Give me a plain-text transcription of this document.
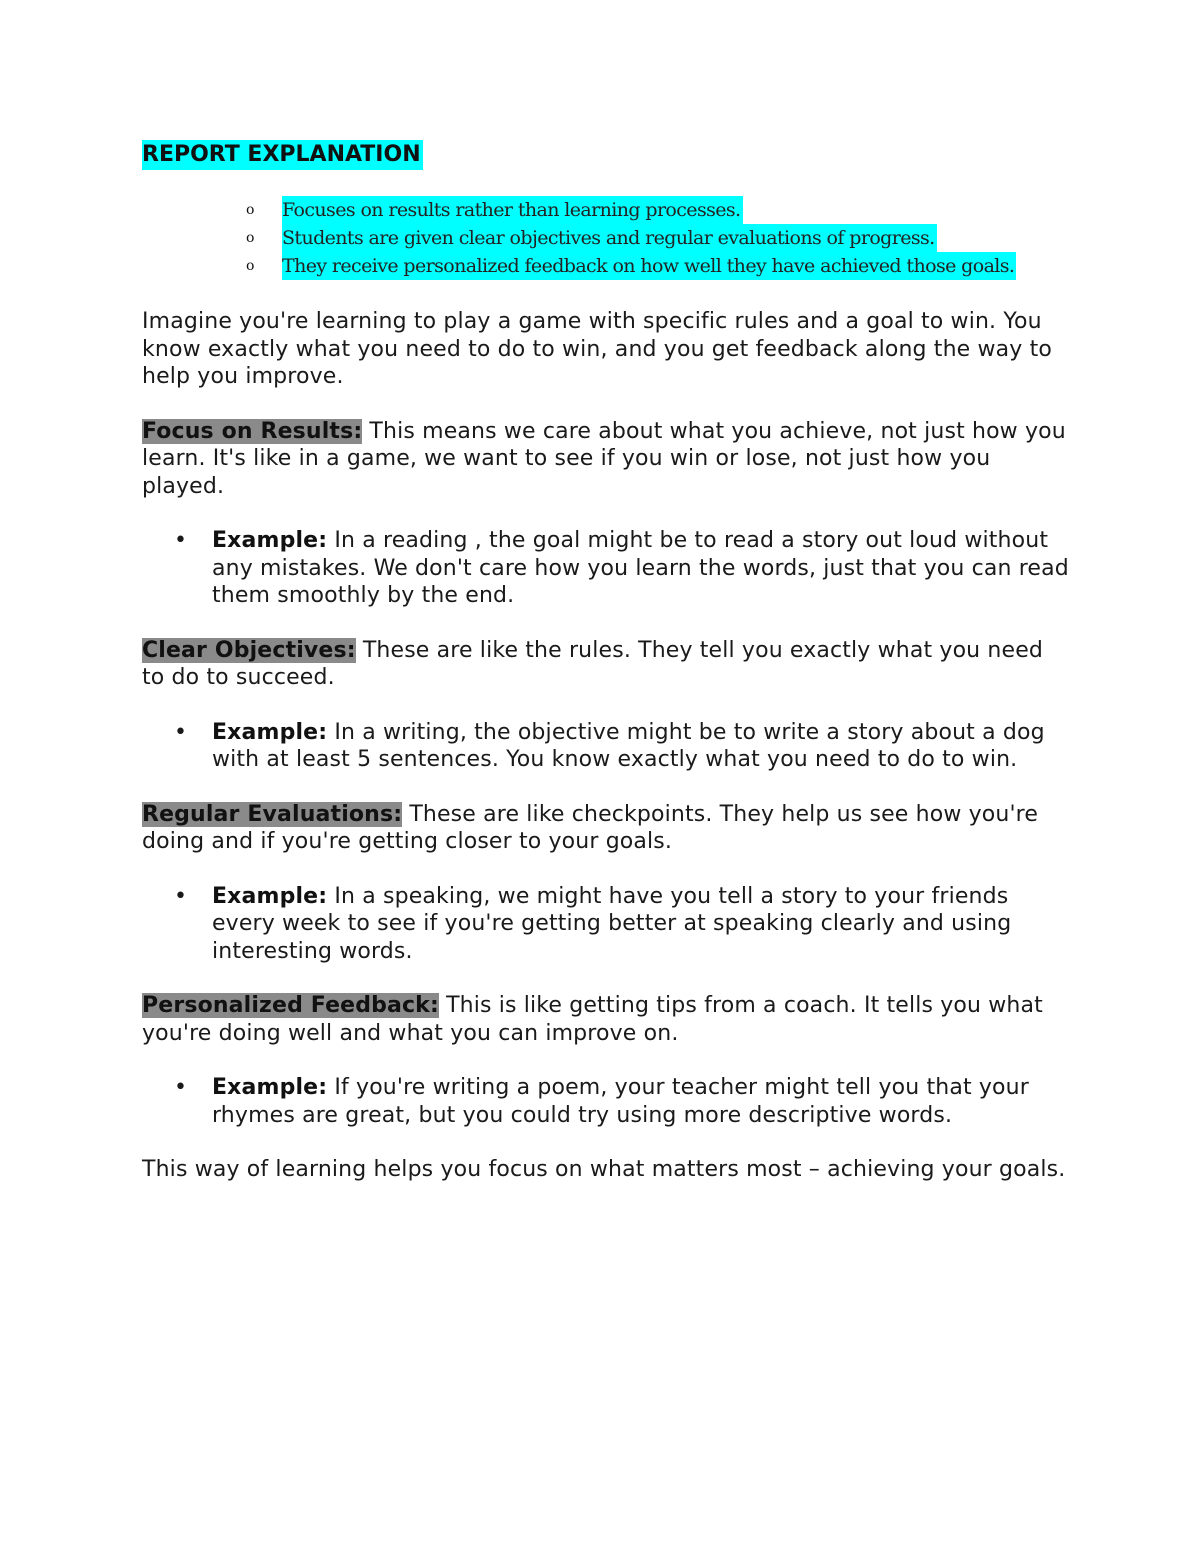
REPORT EXPLANATION
o	Focuses on results rather than learning processes.
o	Students are given clear objectives and regular evaluations of progress.
o	They receive personalized feedback on how well they have achieved those goals.

Imagine you're learning to play a game with specific rules and a goal to win. You know exactly what you need to do to win, and you get feedback along the way to help you improve.

Focus on Results: This means we care about what you achieve, not just how you learn. It's like in a game, we want to see if you win or lose, not just how you played.

• Example: In a reading , the goal might be to read a story out loud without any mistakes. We don't care how you learn the words, just that you can read them smoothly by the end.

Clear Objectives: These are like the rules. They tell you exactly what you need to do to succeed.

• Example: In a writing, the objective might be to write a story about a dog with at least 5 sentences. You know exactly what you need to do to win.

Regular Evaluations: These are like checkpoints. They help us see how you're doing and if you're getting closer to your goals.

• Example: In a speaking, we might have you tell a story to your friends every week to see if you're getting better at speaking clearly and using interesting words.

Personalized Feedback: This is like getting tips from a coach. It tells you what you're doing well and what you can improve on.

• Example: If you're writing a poem, your teacher might tell you that your rhymes are great, but you could try using more descriptive words.

This way of learning helps you focus on what matters most – achieving your goals.
